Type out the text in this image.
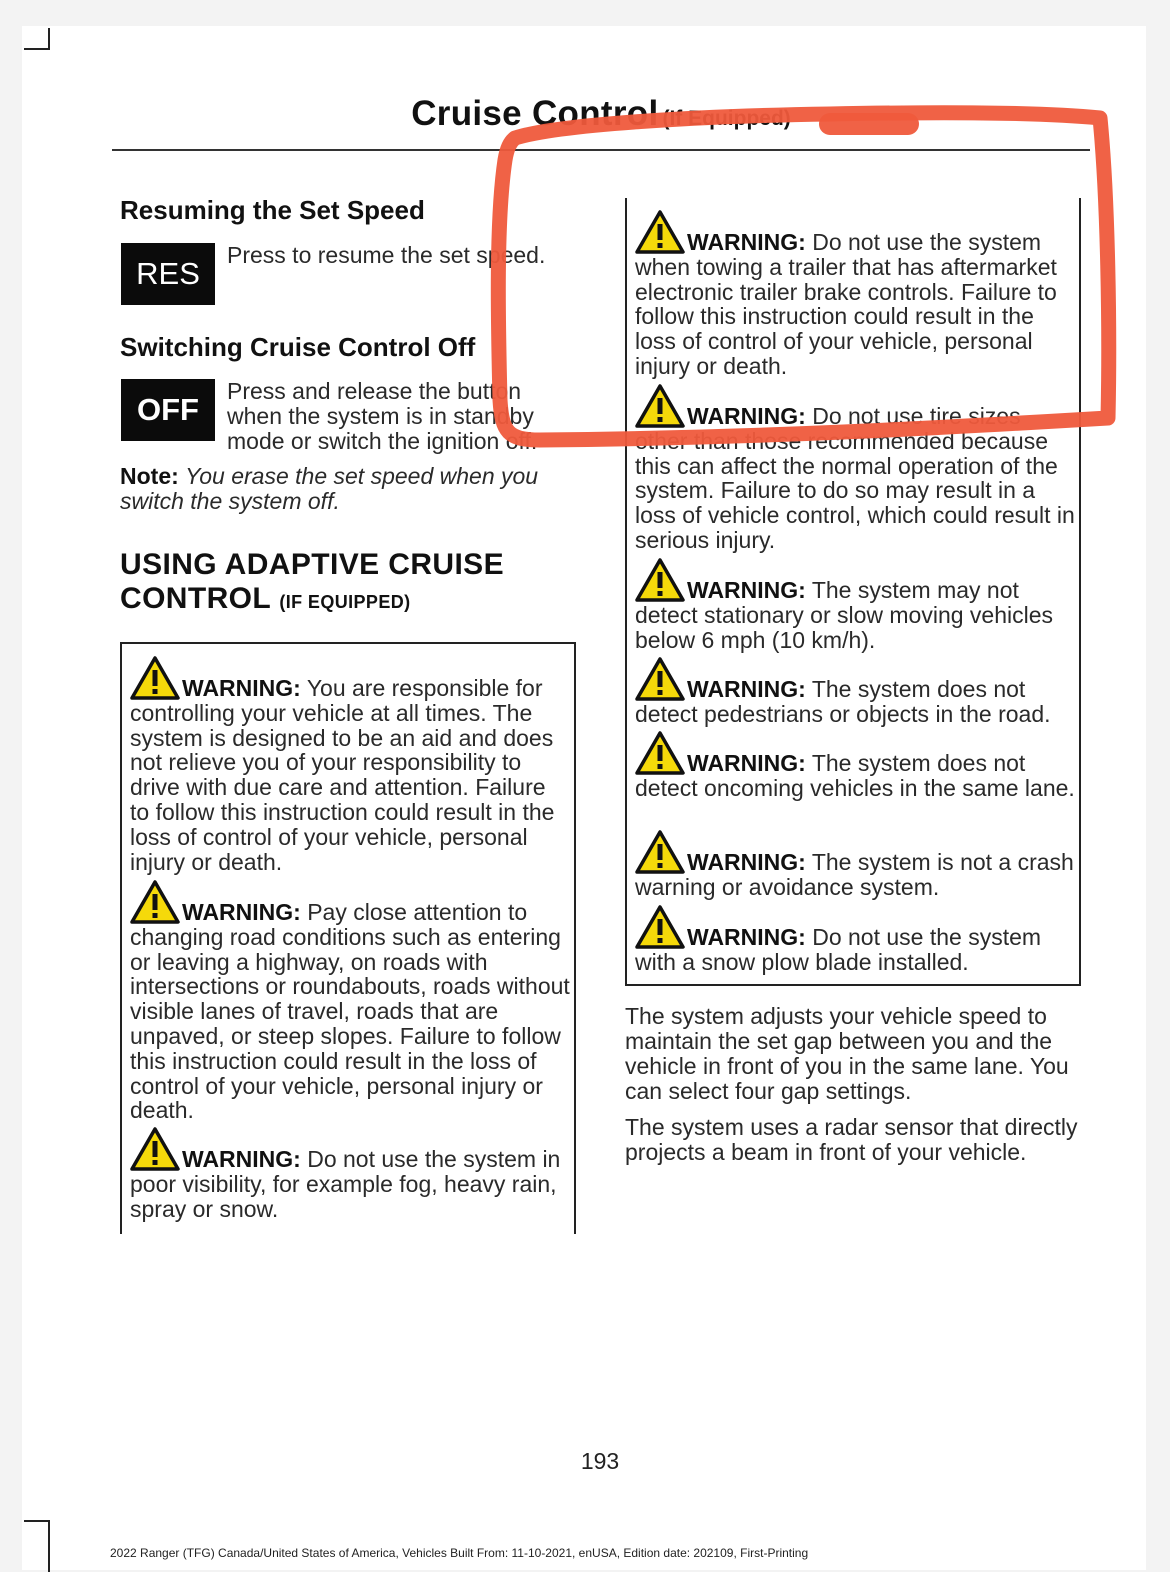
Cruise Control (If Equipped)
Resuming the Set Speed
RES
Press to resume the set speed.
Switching Cruise Control Off
OFF
Press and release the button when the system is in standby mode or switch the ignition off.
Note: You erase the set speed when you switch the system off.
USING ADAPTIVE CRUISE CONTROL (IF EQUIPPED)
WARNING: You are responsible for controlling your vehicle at all times. The system is designed to be an aid and does not relieve you of your responsibility to drive with due care and attention. Failure to follow this instruction could result in the loss of control of your vehicle, personal injury or death.
WARNING: Pay close attention to changing road conditions such as entering or leaving a highway, on roads with intersections or roundabouts, roads without visible lanes of travel, roads that are unpaved, or steep slopes. Failure to follow this instruction could result in the loss of control of your vehicle, personal injury or death.
WARNING: Do not use the system in poor visibility, for example fog, heavy rain, spray or snow.
WARNING: Do not use the system when towing a trailer that has aftermarket electronic trailer brake controls. Failure to follow this instruction could result in the loss of control of your vehicle, personal injury or death.
WARNING: Do not use tire sizes other than those recommended because this can affect the normal operation of the system. Failure to do so may result in a loss of vehicle control, which could result in serious injury.
WARNING: The system may not detect stationary or slow moving vehicles below 6 mph (10 km/h).
WARNING: The system does not detect pedestrians or objects in the road.
WARNING: The system does not detect oncoming vehicles in the same lane.
WARNING: The system is not a crash warning or avoidance system.
WARNING: Do not use the system with a snow plow blade installed.
The system adjusts your vehicle speed to maintain the set gap between you and the vehicle in front of you in the same lane. You can select four gap settings.
The system uses a radar sensor that directly projects a beam in front of your vehicle.
193
2022 Ranger (TFG) Canada/United States of America, Vehicles Built From: 11-10-2021, enUSA, Edition date: 202109, First-Printing
